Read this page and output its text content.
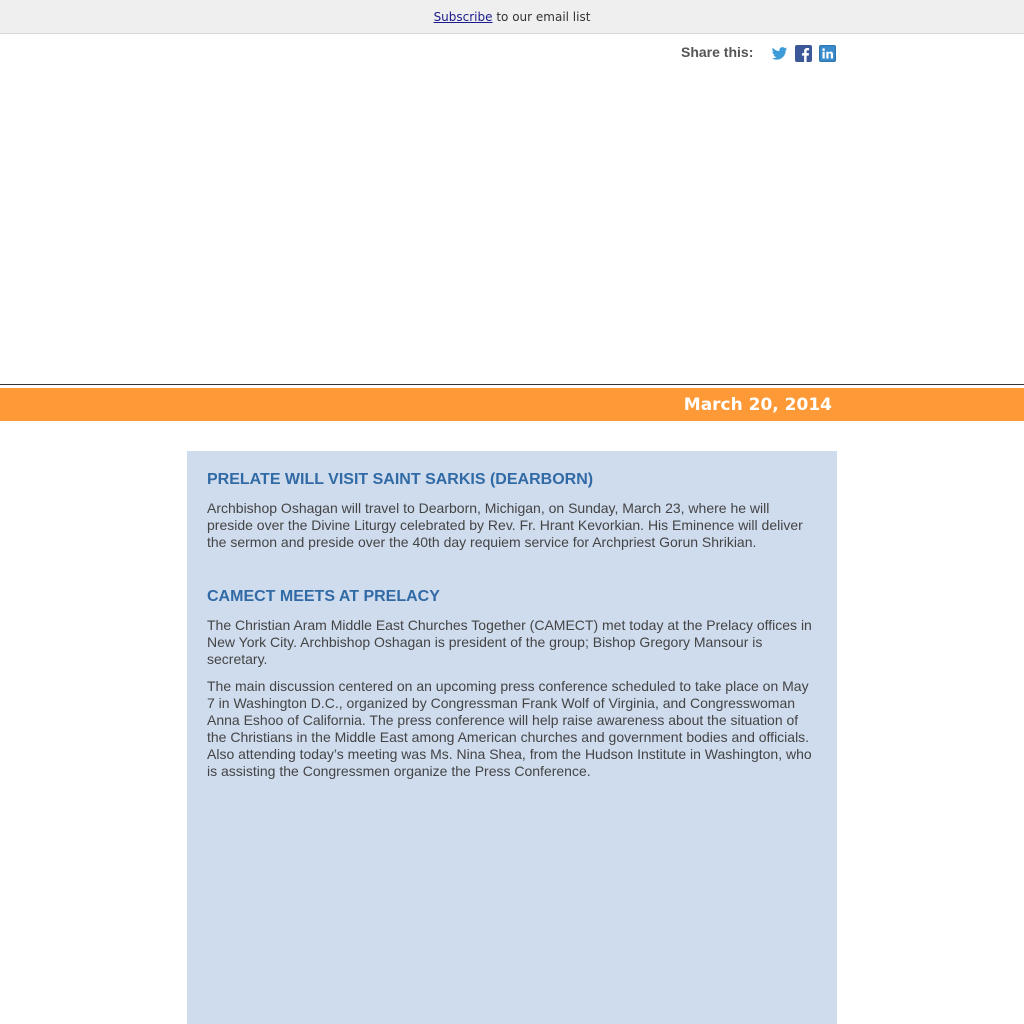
Subscribe to our email list
Share this:
March 20, 2014
PRELATE WILL VISIT SAINT SARKIS (DEARBORN)

Archbishop Oshagan will travel to Dearborn, Michigan, on Sunday, March 23, where he will preside over the Divine Liturgy celebrated by Rev. Fr. Hrant Kevorkian. His Eminence will deliver the sermon and preside over the 40th day requiem service for Archpriest Gorun Shrikian.

CAMECT MEETS AT PRELACY

The Christian Aram Middle East Churches Together (CAMECT) met today at the Prelacy offices in New York City. Archbishop Oshagan is president of the group; Bishop Gregory Mansour is secretary.

The main discussion centered on an upcoming press conference scheduled to take place on May 7 in Washington D.C., organized by Congressman Frank Wolf of Virginia, and Congresswoman Anna Eshoo of California. The press conference will help raise awareness about the situation of the Christians in the Middle East among American churches and government bodies and officials. Also attending today’s meeting was Ms. Nina Shea, from the Hudson Institute in Washington, who is assisting the Congressmen organize the Press Conference.
